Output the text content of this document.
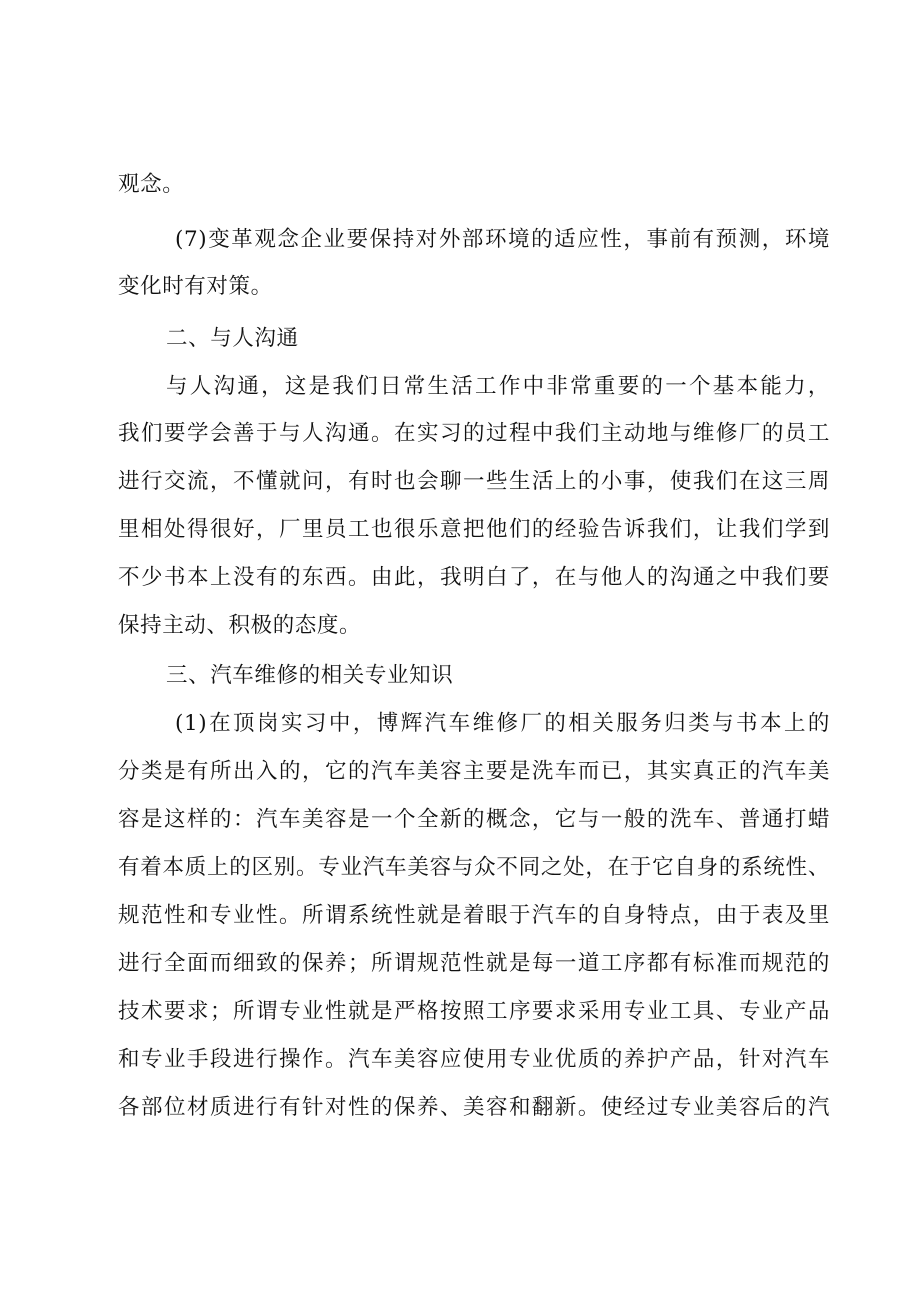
观念。
(7)变革观念企业要保持对外部环境的适应性，事前有预测，环境
变化时有对策。
二、与人沟通
与人沟通，这是我们日常生活工作中非常重要的一个基本能力，
我们要学会善于与人沟通。在实习的过程中我们主动地与维修厂的员工
进行交流，不懂就问，有时也会聊一些生活上的小事，使我们在这三周
里相处得很好，厂里员工也很乐意把他们的经验告诉我们，让我们学到
不少书本上没有的东西。由此，我明白了，在与他人的沟通之中我们要
保持主动、积极的态度。
三、汽车维修的相关专业知识
(1)在顶岗实习中，博辉汽车维修厂的相关服务归类与书本上的
分类是有所出入的，它的汽车美容主要是洗车而已，其实真正的汽车美
容是这样的：汽车美容是一个全新的概念，它与一般的洗车、普通打蜡
有着本质上的区别。专业汽车美容与众不同之处，在于它自身的系统性、
规范性和专业性。所谓系统性就是着眼于汽车的自身特点，由于表及里
进行全面而细致的保养；所谓规范性就是每一道工序都有标准而规范的
技术要求；所谓专业性就是严格按照工序要求采用专业工具、专业产品
和专业手段进行操作。汽车美容应使用专业优质的养护产品，针对汽车
各部位材质进行有针对性的保养、美容和翻新。使经过专业美容后的汽
